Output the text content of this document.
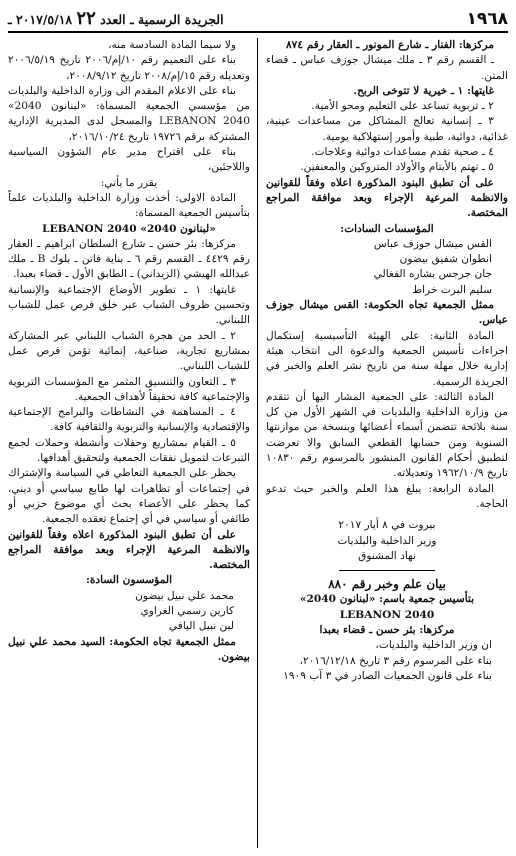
١٩٦٨
الجريدة الرسمية ـ العدد ٢٢ ٢٠١٧/٥/١٨ ـ

مركزها: الفنار ـ شارع المونور ـ العقار رقم ٨٧٤

ـ القسم رقم ٣ ـ ملك ميشال جوزف عباس ـ قضاء المتن.

غايتها: ١ ـ خيرية لا تتوخى الربح.

٢ ـ تربوية تساعد على التعليم ومحو الأمية.

٣ ـ إنسانية تعالج المشاكل من مساعدات عينية، غذائية، دوائية، طبية وأمور إستهلاكية يومية.

٤ ـ صحية تقدم مساعدات دوائية وعلاجات.

٥ ـ تهتم بالأيتام والأولاد المتروكين والمعنفين.

على أن تطبق البنود المذكورة اعلاه وفقاً للقوانين والانظمة المرعية الإجراء وبعد موافقة المراجع المختصة.

المؤسسات السادات:

القس ميشال جوزف عباس

انطوان شفيق بيضون

جان جرجس بشاره الفغالي

سليم البرت خراط

ممثل الجمعية تجاه الحكومة: القس ميشال جوزف عباس.

المادة الثانية: على الهيئة التأسيسية إستكمال اجراءات تأسيس الجمعية والدعوة الى انتخاب هيئة إدارية خلال مهلة سنة من تاريخ نشر العلم والخبر في الجريدة الرسمية.

المادة الثالثة: على الجمعية المشار اليها أن تتقدم من وزارة الداخلية والبلديات في الشهر الأول من كل سنة بلائحة تتضمن أسماء أعضائها وبنسخة من موازنتها السنوية ومن حسابها القطعي السابق والا تعرضت لتطبيق أحكام القانون المنشور بالمرسوم رقم ١٠٨٣٠ تاريخ ١٩٦٢/١٠/٩ وتعديلاته.

المادة الرابعة: يبلغ هذا العلم والخبر حيث تدعو الحاجة.

بيروت في ٨ أيار ٢٠١٧

وزير الداخلية والبلديات

نهاد المشنوق

بيان علم وخبر رقم ٨٨٠

بتأسيس جمعية باسم: «لبنانون 2040»

LEBANON 2040

مركزها: بئر حسن ـ قضاء بعبدا

ان وزير الداخلية والبلديات،

بناء على المرسوم رقم ٣ تاريخ ٢٠١٦/١٢/١٨،

بناء على قانون الجمعيات الصادر في ٣ آب ١٩٠٩

ولا سيما المادة السادسة منه،

بناء على التعميم رقم ١٠/إم/٢٠٠٦ تاريخ ٢٠٠٦/٥/١٩ وتعديله رقم ١٥/إم/٢٠٠٨ تاريخ ٢٠٠٨/٩/١٢،

بناء على الاعلام المقدم الى وزارة الداخلية والبلديات من مؤسسي الجمعية المسماة: «لبنانون 2040» LEBANON 2040 والمسجل لدى المديرية الإدارية المشتركة برقم ١٩٧٢٦ تاريخ ٢٠١٦/١٠/٢٤،

بناء على اقتراح مدير عام الشؤون السياسية واللاجئين،

يقرر ما يأتي:

المادة الاولى: أخذت وزارة الداخلية والبلديات علماً بتأسيس الجمعية المسماة:

«لبنانون 2040» LEBANON 2040

مركزها: بئر حسن ـ شارع السلطان ابراهيم ـ العقار رقم ٤٤٢٩ ـ القسم رقم ٦ ـ بناية فاتن ـ بلوك B ـ ملك عبدالله الهيشي (الزيداني) ـ الطابق الأول ـ قضاء بعبدا.

غايتها: ١ ـ تطوير الأوضاع الإجتماعية والإنسانية وتحسين ظروف الشباب عبر خلق فرص عمل للشباب اللبناني.

٢ ـ الحد من هجرة الشباب اللبناني عبر المشاركة بمشاريع تجارية، صناعية، إنمائية تؤمن فرص عمل للشباب اللبناني.

٣ ـ التعاون والتنسيق المثمر مع المؤسسات التربوية والإجتماعية كافة تحقيقاً لأهداف الجمعية.

٤ ـ المساهمة في النشاطات والبرامج الإجتماعية والإقتصادية والإنسانية والتربوية والثقافية كافة.

٥ ـ القيام بمشاريع وحفلات وأنشطة وحملات لجمع التبرعات لتمويل نفقات الجمعية ولتحقيق أهدافها.

يحظر على الجمعية التعاطي في السياسة والإشتراك في إجتماعات أو تظاهرات لها طابع سياسي أو ديني، كما يحظر على الأعضاء بحث أي موضوع حزبي أو طائفي أو سياسي في أي إجتماع تعقده الجمعية.

على أن تطبق البنود المذكورة اعلاه وفقاً للقوانين والانظمة المرعية الإجراء وبعد موافقة المراجع المختصة.

المؤسسون السادة:

محمد علي نبيل بيضون

كارين رسمي الغراوي

لين نبيل اليافي

ممثل الجمعية تجاه الحكومة: السيد محمد علي نبيل بيضون.
